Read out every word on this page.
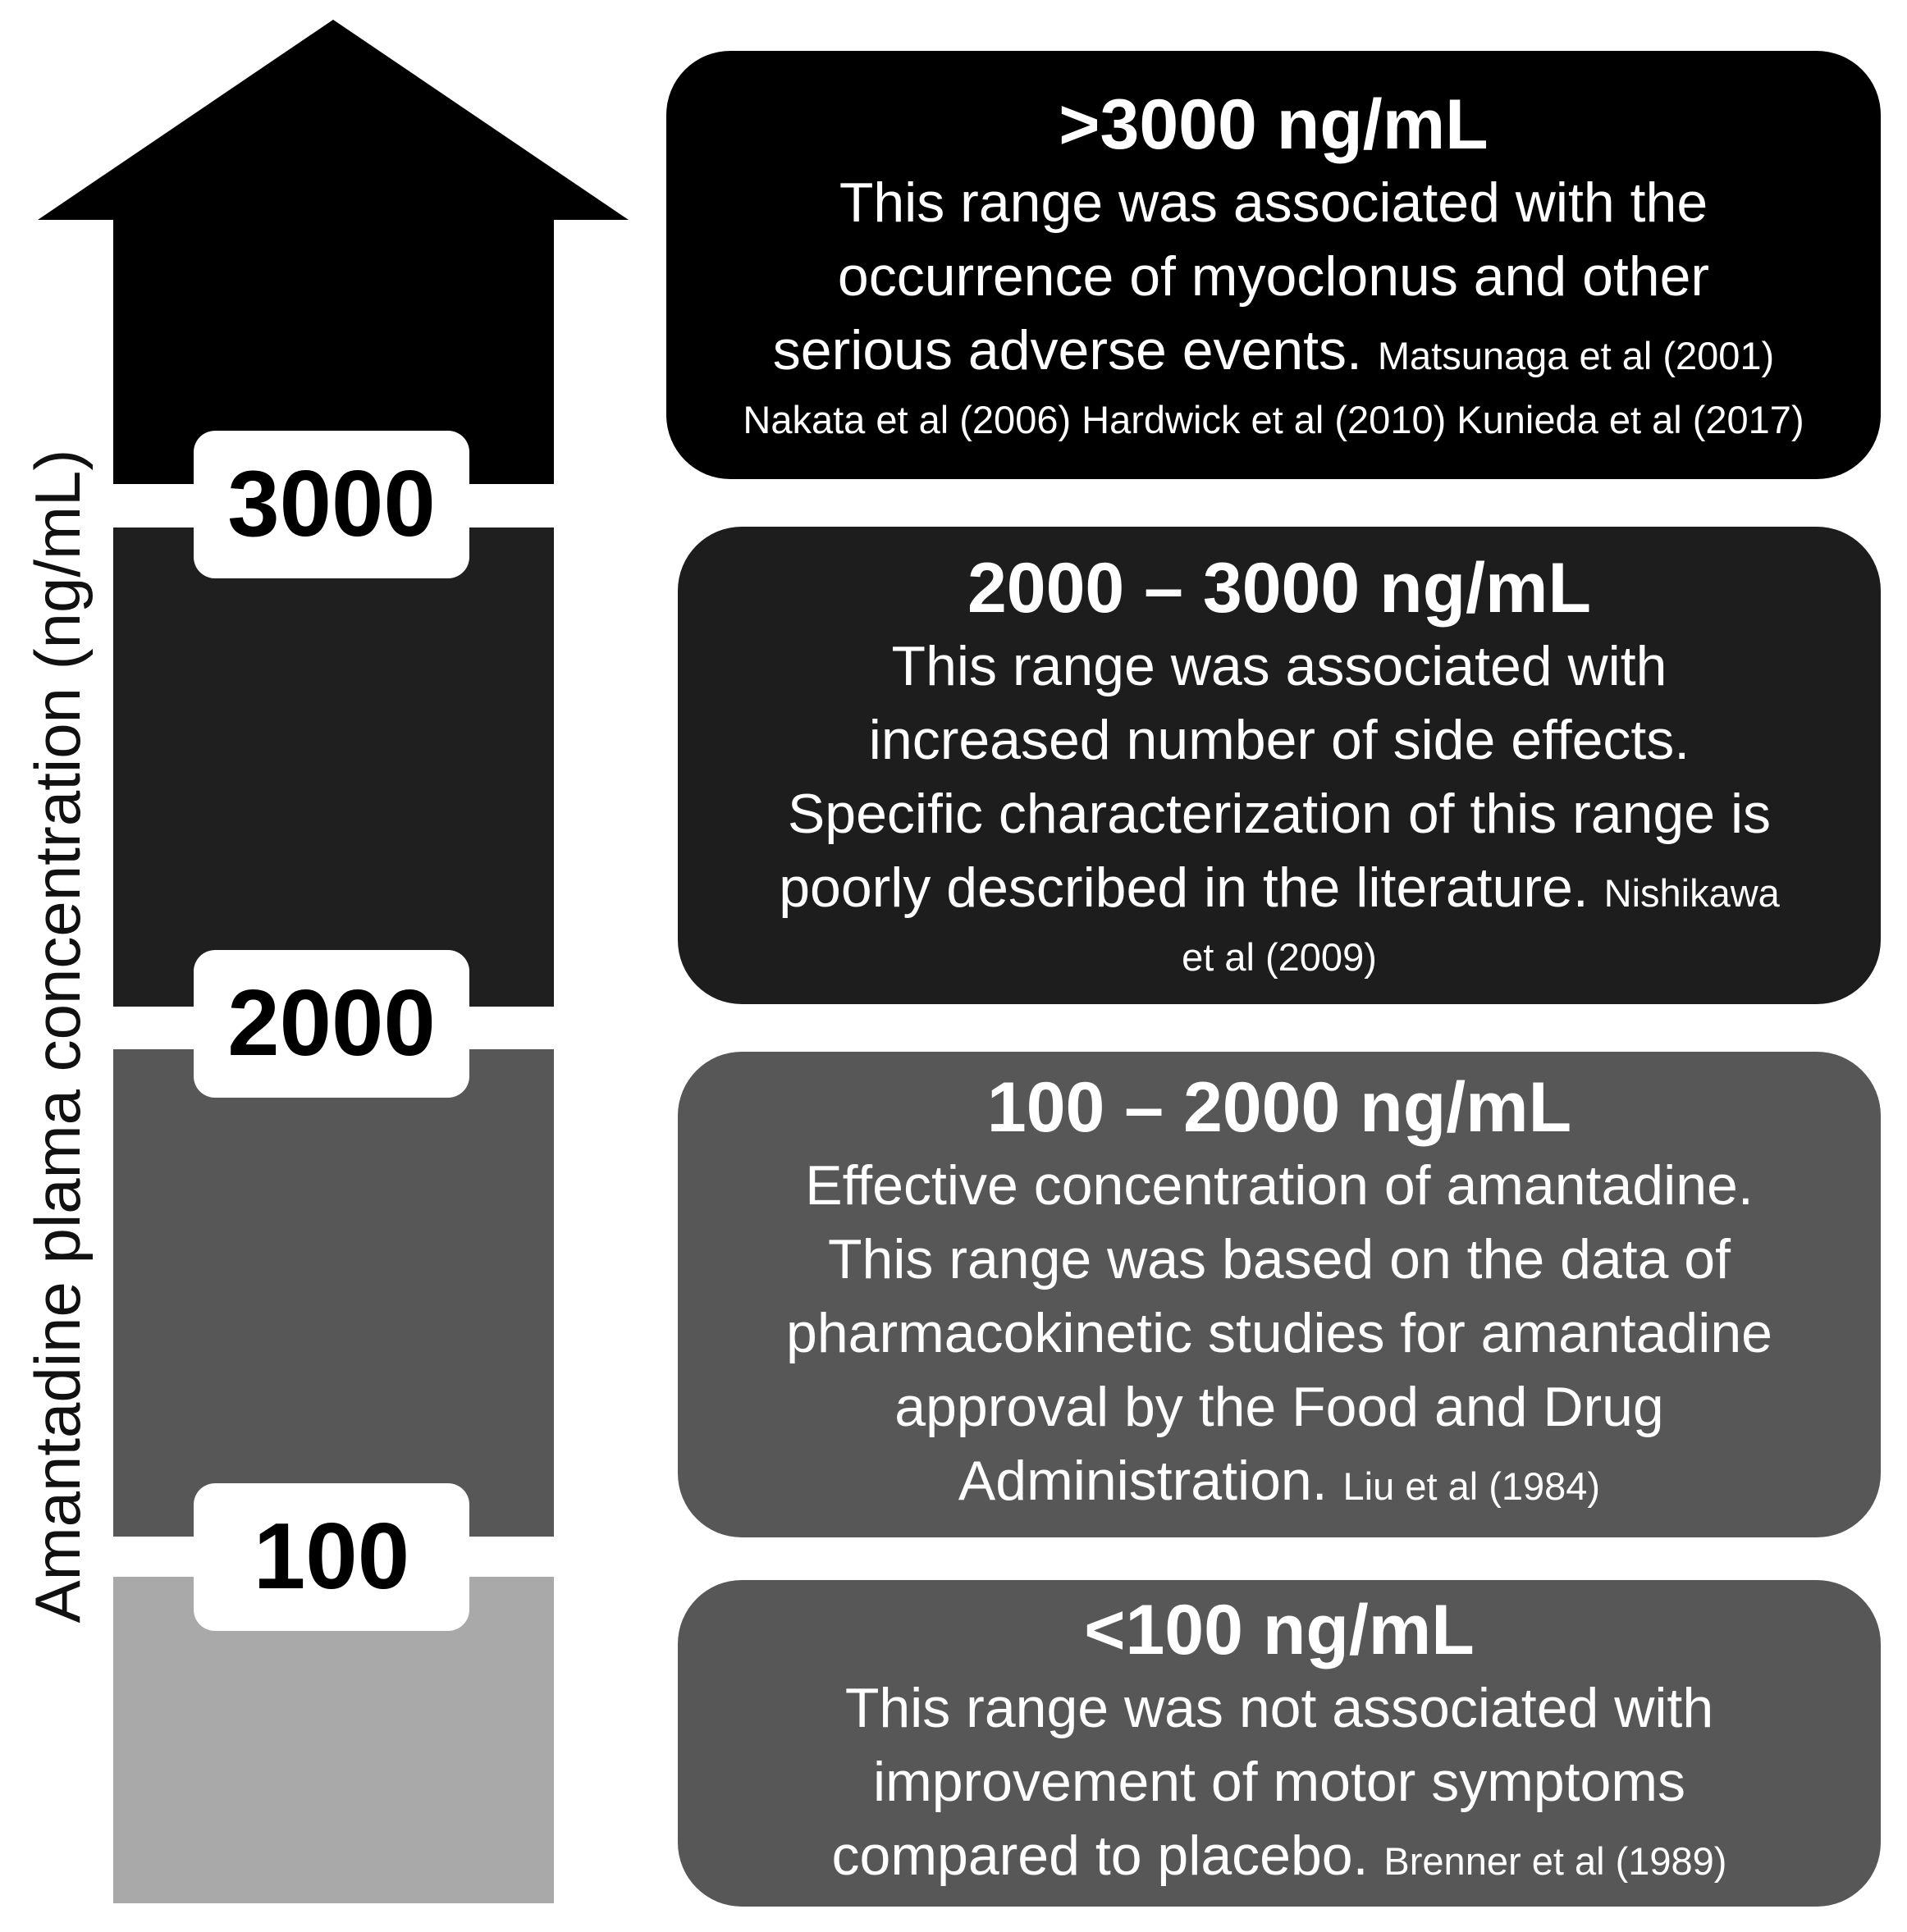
Amantadine plama concentration (ng/mL)	3000
2000
100
>3000 ng/mL
This range was associated with the
occurrence of myoclonus and other
serious adverse events. Matsunaga et al (2001)
Nakata et al (2006) Hardwick et al (2010) Kunieda et al (2017)
2000 – 3000 ng/mL
This range was associated with
increased number of side effects.
Specific characterization of this range is
poorly described in the literature. Nishikawa
et al (2009)
100 – 2000 ng/mL
Effective concentration of amantadine.
This range was based on the data of
pharmacokinetic studies for amantadine
approval by the Food and Drug
Administration. Liu et al (1984)
<100 ng/mL
This range was not associated with
improvement of motor symptoms
compared to placebo. Brenner et al (1989)
